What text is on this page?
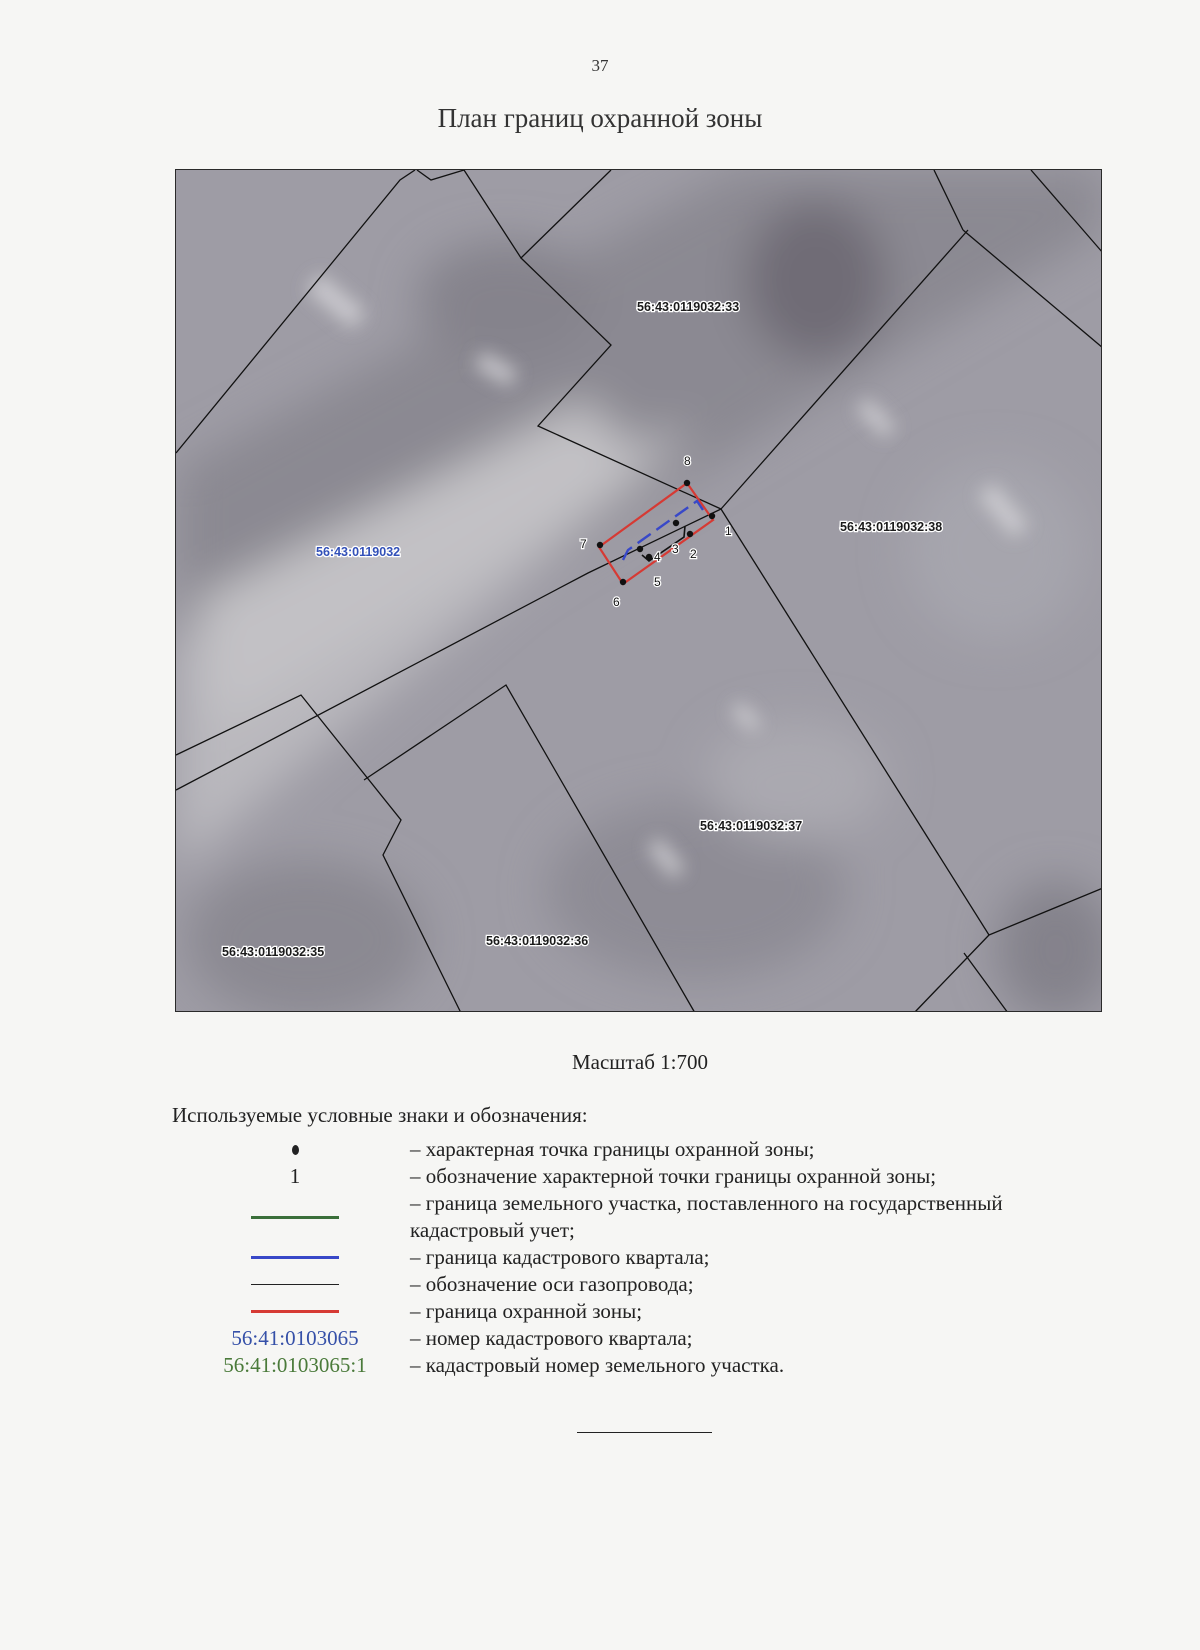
37
План границ охранной зоны
1
2
3
4
5
6
7
8
56:43:0119032:33
56:43:0119032:38
56:43:0119032:37
56:43:0119032:36
56:43:0119032:35
56:43:0119032
Масштаб 1:700
Используемые условные знаки и обозначения:
– характерная точка границы охранной зоны;
1	– обозначение характерной точки границы охранной зоны;
– граница земельного участка, поставленного на государственный кадастровый учет;
– граница кадастрового квартала;
– обозначение оси газопровода;
– граница охранной зоны;
56:41:0103065	– номер кадастрового квартала;
56:41:0103065:1	– кадастровый номер земельного участка.
